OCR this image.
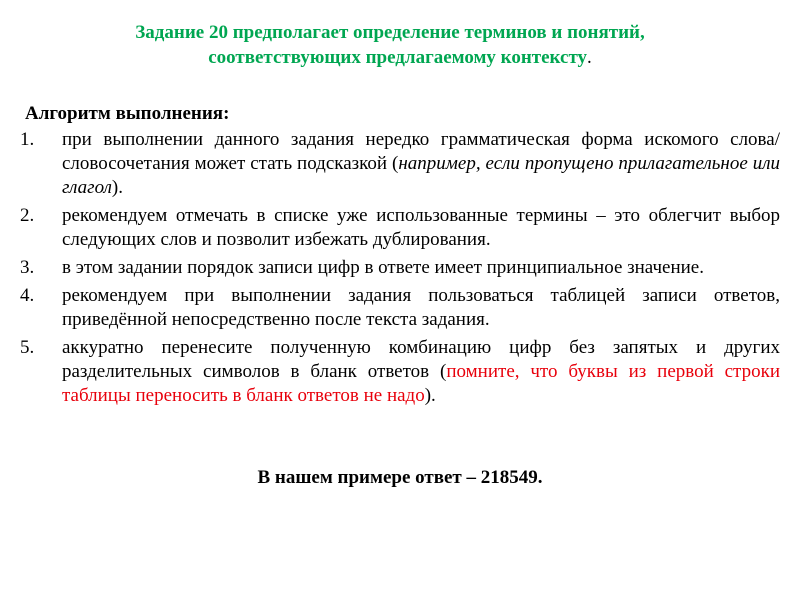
Задание 20 предполагает определение терминов и понятий,
соответствующих предлагаемому контексту.
Алгоритм выполнения:
1.	при выполнении данного задания нередко грамматическая форма искомого слова/словосочетания может стать подсказкой (например, если пропущено прилагательное или глагол).
2.	рекомендуем отмечать в списке уже использованные термины – это облегчит выбор следующих слов и позволит избежать дублирования.
3.	в этом задании порядок записи цифр в ответе имеет принципиальное значение.
4.	рекомендуем при выполнении задания пользоваться таблицей записи ответов, приведённой непосредственно после текста задания.
5.	аккуратно перенесите полученную комбинацию цифр без запятых и других разделительных символов в бланк ответов (помните, что буквы из первой строки таблицы переносить в бланк ответов не надо).
В нашем примере ответ – 218549.
